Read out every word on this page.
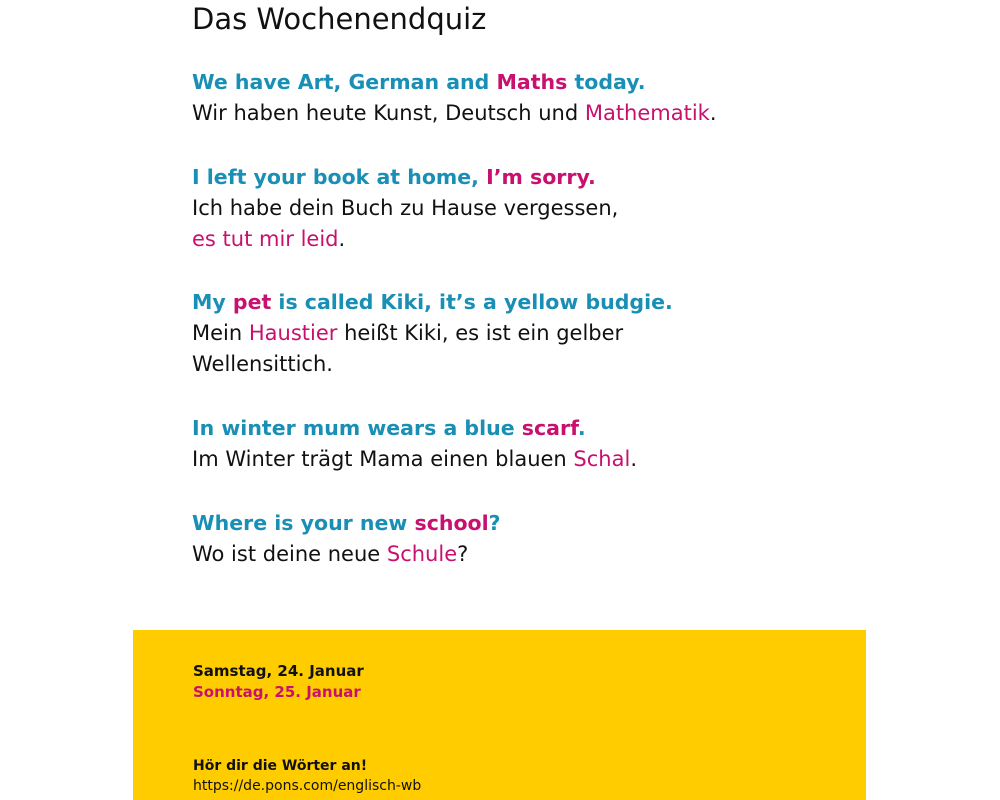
Das Wochenendquiz
We have Art, German and Maths today.
Wir haben heute Kunst, Deutsch und Mathematik.
I left your book at home, I’m sorry.
Ich habe dein Buch zu Hause vergessen,
es tut mir leid.
My pet is called Kiki, it’s a yellow budgie.
Mein Haustier heißt Kiki, es ist ein gelber
Wellensittich.
In winter mum wears a blue scarf.
Im Winter trägt Mama einen blauen Schal.
Where is your new school?
Wo ist deine neue Schule?
Samstag, 24. Januar
Sonntag, 25. Januar
Hör dir die Wörter an!
https://de.pons.com/englisch-wb
